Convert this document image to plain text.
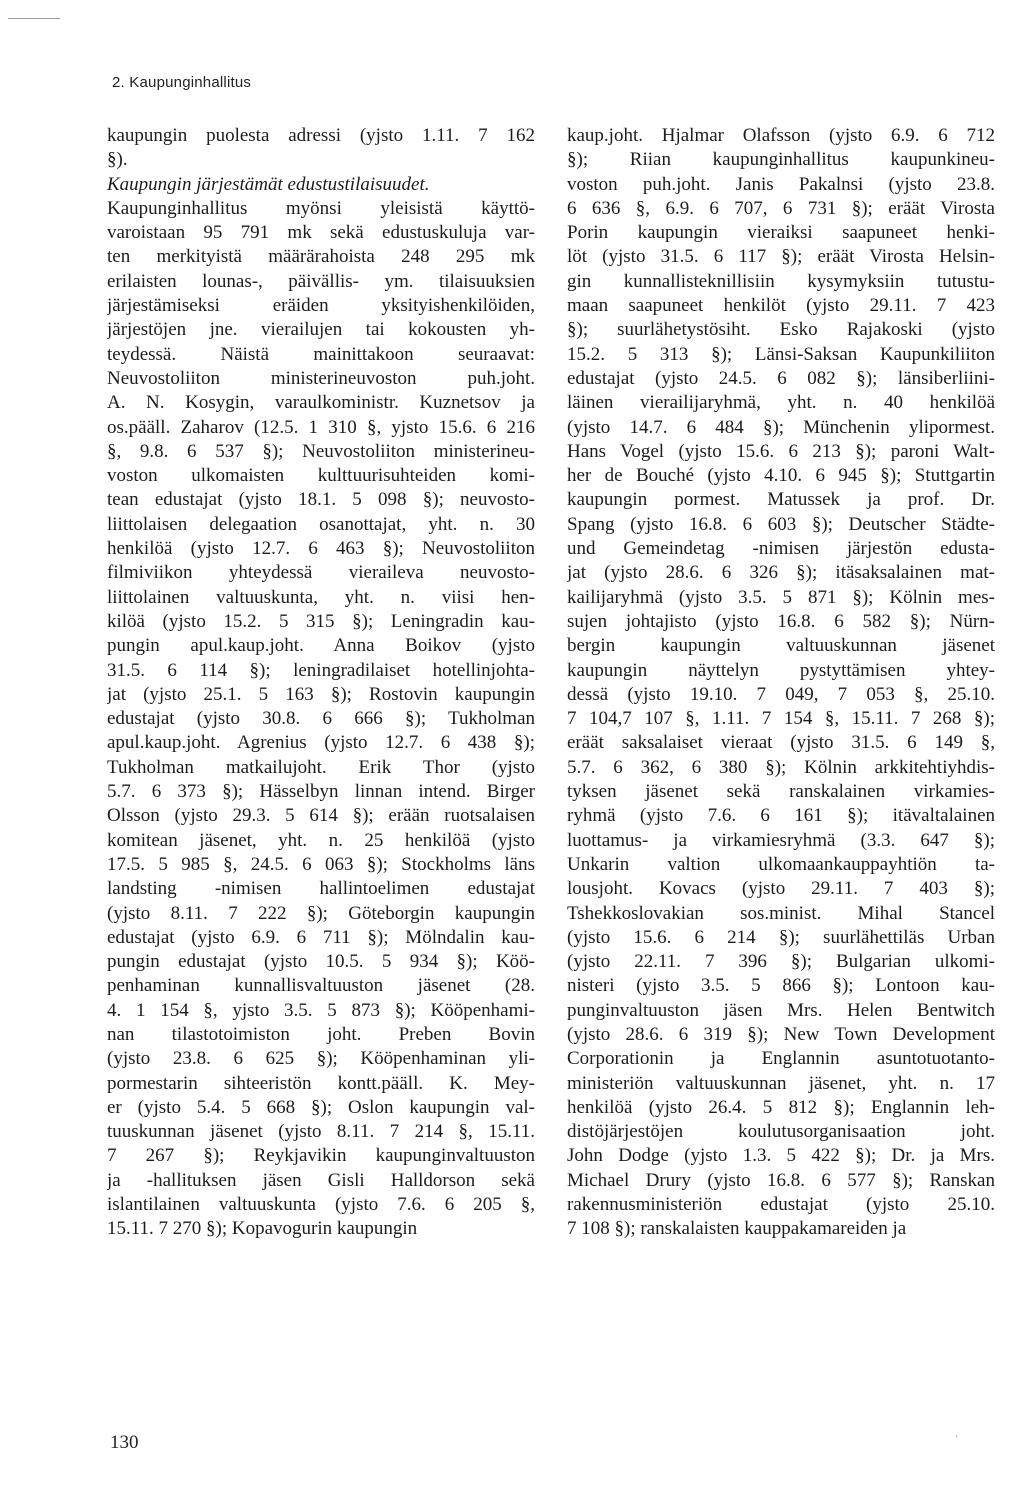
2. Kaupunginhallitus
kaupungin puolesta adressi (yjsto 1.11. 7 162
§).
Kaupungin järjestämät edustustilaisuudet.
Kaupunginhallitus myönsi yleisistä käyttö-
varoistaan 95 791 mk sekä edustuskuluja var-
ten merkityistä määrärahoista 248 295 mk
erilaisten lounas-, päivällis- ym. tilaisuuksien
järjestämiseksi eräiden yksityishenkilöiden,
järjestöjen jne. vierailujen tai kokousten yh-
teydessä. Näistä mainittakoon seuraavat:
Neuvostoliiton ministerineuvoston puh.joht.
A. N. Kosygin, varaulkoministr. Kuznetsov ja
os.pääll. Zaharov (12.5. 1 310 §, yjsto 15.6. 6 216
§, 9.8. 6 537 §); Neuvostoliiton ministerineu-
voston ulkomaisten kulttuurisuhteiden komi-
tean edustajat (yjsto 18.1. 5 098 §); neuvosto-
liittolaisen delegaation osanottajat, yht. n. 30
henkilöä (yjsto 12.7. 6 463 §); Neuvostoliiton
filmiviikon yhteydessä vieraileva neuvosto-
liittolainen valtuuskunta, yht. n. viisi hen-
kilöä (yjsto 15.2. 5 315 §); Leningradin kau-
pungin apul.kaup.joht. Anna Boikov (yjsto
31.5. 6 114 §); leningradilaiset hotellinjohta-
jat (yjsto 25.1. 5 163 §); Rostovin kaupungin
edustajat (yjsto 30.8. 6 666 §); Tukholman
apul.kaup.joht. Agrenius (yjsto 12.7. 6 438 §);
Tukholman matkailujoht. Erik Thor (yjsto
5.7. 6 373 §); Hässelbyn linnan intend. Birger
Olsson (yjsto 29.3. 5 614 §); erään ruotsalaisen
komitean jäsenet, yht. n. 25 henkilöä (yjsto
17.5. 5 985 §, 24.5. 6 063 §); Stockholms läns
landsting -nimisen hallintoelimen edustajat
(yjsto 8.11. 7 222 §); Göteborgin kaupungin
edustajat (yjsto 6.9. 6 711 §); Mölndalin kau-
pungin edustajat (yjsto 10.5. 5 934 §); Köö-
penhaminan kunnallisvaltuuston jäsenet (28.
4. 1 154 §, yjsto 3.5. 5 873 §); Kööpenhami-
nan tilastotoimiston joht. Preben Bovin
(yjsto 23.8. 6 625 §); Kööpenhaminan yli-
pormestarin sihteeristön kontt.pääll. K. Mey-
er (yjsto 5.4. 5 668 §); Oslon kaupungin val-
tuuskunnan jäsenet (yjsto 8.11. 7 214 §, 15.11.
7 267 §); Reykjavikin kaupunginvaltuuston
ja -hallituksen jäsen Gisli Halldorson sekä
islantilainen valtuuskunta (yjsto 7.6. 6 205 §,
15.11. 7 270 §); Kopavogurin kaupungin
kaup.joht. Hjalmar Olafsson (yjsto 6.9. 6 712
§); Riian kaupunginhallitus kaupunkineu-
voston puh.joht. Janis Pakalnsi (yjsto 23.8.
6 636 §, 6.9. 6 707, 6 731 §); eräät Virosta
Porin kaupungin vieraiksi saapuneet henki-
löt (yjsto 31.5. 6 117 §); eräät Virosta Helsin-
gin kunnallisteknillisiin kysymyksiin tutustu-
maan saapuneet henkilöt (yjsto 29.11. 7 423
§); suurlähetystösiht. Esko Rajakoski (yjsto
15.2. 5 313 §); Länsi-Saksan Kaupunkiliiton
edustajat (yjsto 24.5. 6 082 §); länsiberliini-
läinen vierailijaryhmä, yht. n. 40 henkilöä
(yjsto 14.7. 6 484 §); Münchenin ylipormest.
Hans Vogel (yjsto 15.6. 6 213 §); paroni Walt-
her de Bouché (yjsto 4.10. 6 945 §); Stuttgartin
kaupungin pormest. Matussek ja prof. Dr.
Spang (yjsto 16.8. 6 603 §); Deutscher Städte-
und Gemeindetag -nimisen järjestön edusta-
jat (yjsto 28.6. 6 326 §); itäsaksalainen mat-
kailijaryhmä (yjsto 3.5. 5 871 §); Kölnin mes-
sujen johtajisto (yjsto 16.8. 6 582 §); Nürn-
bergin kaupungin valtuuskunnan jäsenet
kaupungin näyttelyn pystyttämisen yhtey-
dessä (yjsto 19.10. 7 049, 7 053 §, 25.10.
7 104,7 107 §, 1.11. 7 154 §, 15.11. 7 268 §);
eräät saksalaiset vieraat (yjsto 31.5. 6 149 §,
5.7. 6 362, 6 380 §); Kölnin arkkitehtiyhdis-
tyksen jäsenet sekä ranskalainen virkamies-
ryhmä (yjsto 7.6. 6 161 §); itävaltalainen
luottamus- ja virkamiesryhmä (3.3. 647 §);
Unkarin valtion ulkomaankauppayhtiön ta-
lousjoht. Kovacs (yjsto 29.11. 7 403 §);
Tshekkoslovakian sos.minist. Mihal Stancel
(yjsto 15.6. 6 214 §); suurlähettiläs Urban
(yjsto 22.11. 7 396 §); Bulgarian ulkomi-
nisteri (yjsto 3.5. 5 866 §); Lontoon kau-
punginvaltuuston jäsen Mrs. Helen Bentwitch
(yjsto 28.6. 6 319 §); New Town Development
Corporationin ja Englannin asuntotuotanto-
ministeriön valtuuskunnan jäsenet, yht. n. 17
henkilöä (yjsto 26.4. 5 812 §); Englannin leh-
distöjärjestöjen koulutusorganisaation joht.
John Dodge (yjsto 1.3. 5 422 §); Dr. ja Mrs.
Michael Drury (yjsto 16.8. 6 577 §); Ranskan
rakennusministeriön edustajat (yjsto 25.10.
7 108 §); ranskalaisten kauppakamareiden ja
130	·
